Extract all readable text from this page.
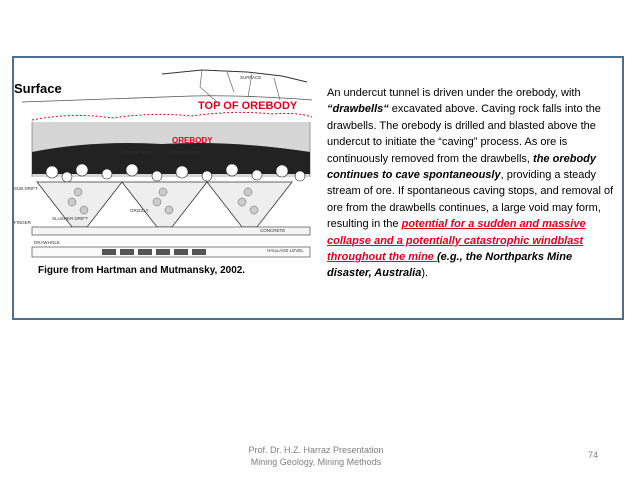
SURFACE
MINOR APEX	MAJOR APEX
SUB DRIFT
FINGER
GRIZZLY
SLUSHER DRIFT
CONCRETE
DRAWHOLE
HAULAGE LEVEL
Surface
TOP OF OREBODY
OREBODY
Figure from Hartman and Mutmansky, 2002.
An undercut tunnel is driven under the orebody, with “drawbells“ excavated above. Caving rock falls into the drawbells. The orebody is drilled and blasted above the undercut to initiate the “caving” process. As ore is continuously removed from the drawbells, the orebody continues to cave spontaneously, providing a steady stream of ore. If spontaneous caving stops, and removal of ore from the drawbells continues, a large void may form, resulting in the potential for a sudden and massive collapse and a potentially catastrophic windblast throughout the mine (e.g., the Northparks Mine disaster, Australia).
Prof. Dr. H.Z. Harraz Presentation
Mining Geology, Mining Methods
74
